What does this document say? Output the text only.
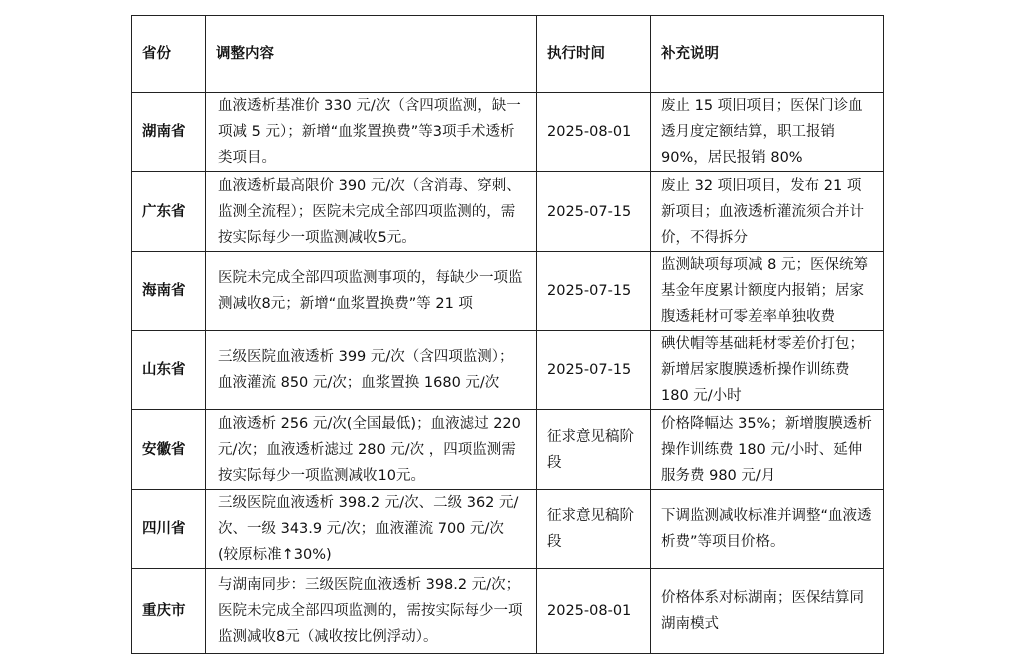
省份	调整内容	执行时间	补充说明
湖南省	血液透析基准价 330 元/次（含四项监测，缺一项减 5 元）；新增“血浆置换费”等3项手术透析类项目。	2025-08-01	废止 15 项旧项目；医保门诊血透月度定额结算，职工报销 90%，居民报销 80%
广东省	血液透析最高限价 390 元/次（含消毒、穿刺、监测全流程）；医院未完成全部四项监测的，需按实际每少一项监测减收5元。	2025-07-15	废止 32 项旧项目，发布 21 项新项目；血液透析灌流须合并计价，不得拆分
海南省	医院未完成全部四项监测事项的，每缺少一项监测减收8元；新增“血浆置换费”等 21 项	2025-07-15	监测缺项每项减 8 元；医保统筹基金年度累计额度内报销；居家腹透耗材可零差率单独收费
山东省	三级医院血液透析 399 元/次（含四项监测）；血液灌流 850 元/次；血浆置换 1680 元/次	2025-07-15	碘伏帽等基础耗材零差价打包；新增居家腹膜透析操作训练费 180 元/小时
安徽省	血液透析 256 元/次(全国最低)；血液滤过 220 元/次；血液透析滤过 280 元/次 ，四项监测需按实际每少一项监测减收10元。	征求意见稿阶段	价格降幅达 35%；新增腹膜透析操作训练费 180 元/小时、延伸服务费 980 元/月
四川省	三级医院血液透析 398.2 元/次、二级 362 元/次、一级 343.9 元/次；血液灌流 700 元/次 (较原标准↑30%)	征求意见稿阶段	下调监测减收标准并调整“血液透析费”等项目价格。
重庆市	与湖南同步：三级医院血液透析 398.2 元/次；医院未完成全部四项监测的，需按实际每少一项监测减收8元（减收按比例浮动）。	2025-08-01	价格体系对标湖南；医保结算同湖南模式
